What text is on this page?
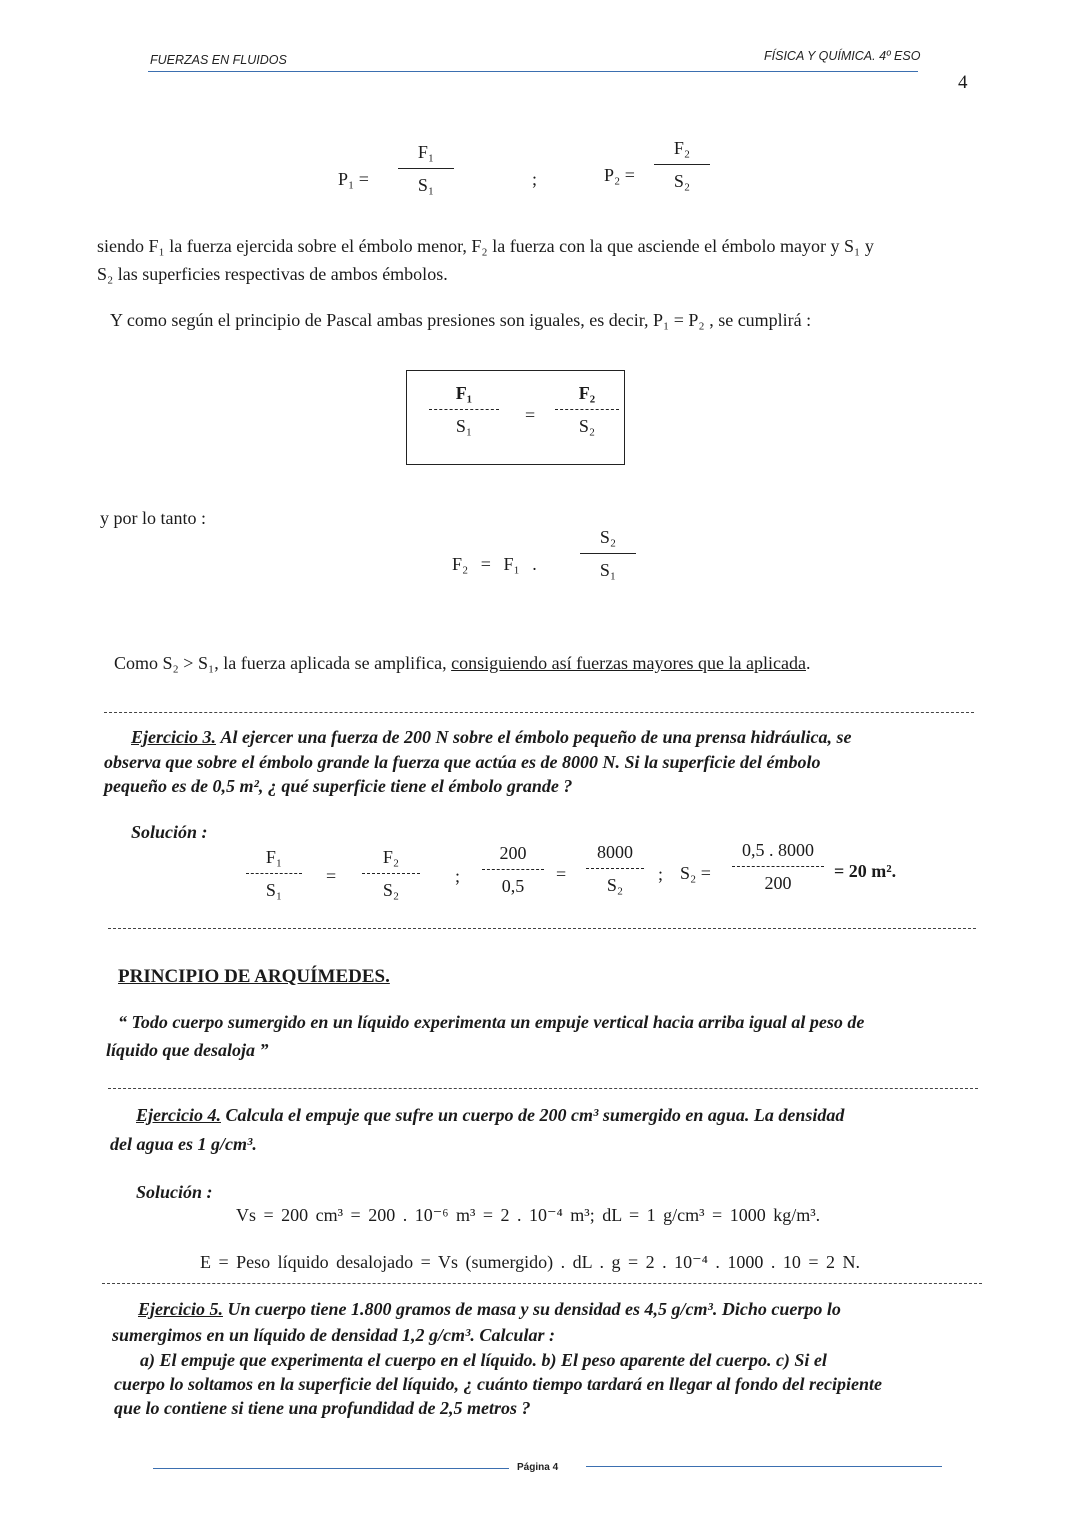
FUERZAS EN FLUIDOS	FÍSICA Y QUÍMICA. 4º ESO
4
P₁ =
F₁
S₁	;	P₂ =
F₂
S₂
siendo F₁ la fuerza ejercida sobre el émbolo menor, F₂ la fuerza con la que asciende el émbolo mayor y S₁ y
S₂ las superficies respectivas de ambos émbolos.
Y como según el principio de Pascal ambas presiones son iguales, es decir, P₁ = P₂ , se cumplirá :
F₁
S₁
=
F₂
S₂
y por lo tanto :
F₂ = F₁ .
S₂
S₁
Como S₂ > S₁, la fuerza aplicada se amplifica, consiguiendo así fuerzas mayores que la aplicada.
Ejercicio 3. Al ejercer una fuerza de 200 N sobre el émbolo pequeño de una prensa hidráulica, se
observa que sobre el émbolo grande la fuerza que actúa es de 8000 N. Si la superficie del émbolo
pequeño es de 0,5 m², ¿ qué superficie tiene el émbolo grande ?
Solución :
F₁
S₁
=
F₂
S₂
;
200
0,5
=
8000
S₂
; S₂ =
0,5 . 8000
200
= 20 m².
PRINCIPIO DE ARQUÍMEDES.
“ Todo cuerpo sumergido en un líquido experimenta un empuje vertical hacia arriba igual al peso de
líquido que desaloja ”
Ejercicio 4. Calcula el empuje que sufre un cuerpo de 200 cm³ sumergido en agua. La densidad
del agua es 1 g/cm³.
Solución :
Vs = 200 cm³ = 200 . 10⁻⁶ m³ = 2 . 10⁻⁴ m³; dL = 1 g/cm³ = 1000 kg/m³.
E = Peso líquido desalojado = Vs (sumergido) . dL . g = 2 . 10⁻⁴ . 1000 . 10 = 2 N.
Ejercicio 5. Un cuerpo tiene 1.800 gramos de masa y su densidad es 4,5 g/cm³. Dicho cuerpo lo
sumergimos en un líquido de densidad 1,2 g/cm³. Calcular :
a) El empuje que experimenta el cuerpo en el líquido. b) El peso aparente del cuerpo. c) Si el
cuerpo lo soltamos en la superficie del líquido, ¿ cuánto tiempo tardará en llegar al fondo del recipiente
que lo contiene si tiene una profundidad de 2,5 metros ?
Página 4
